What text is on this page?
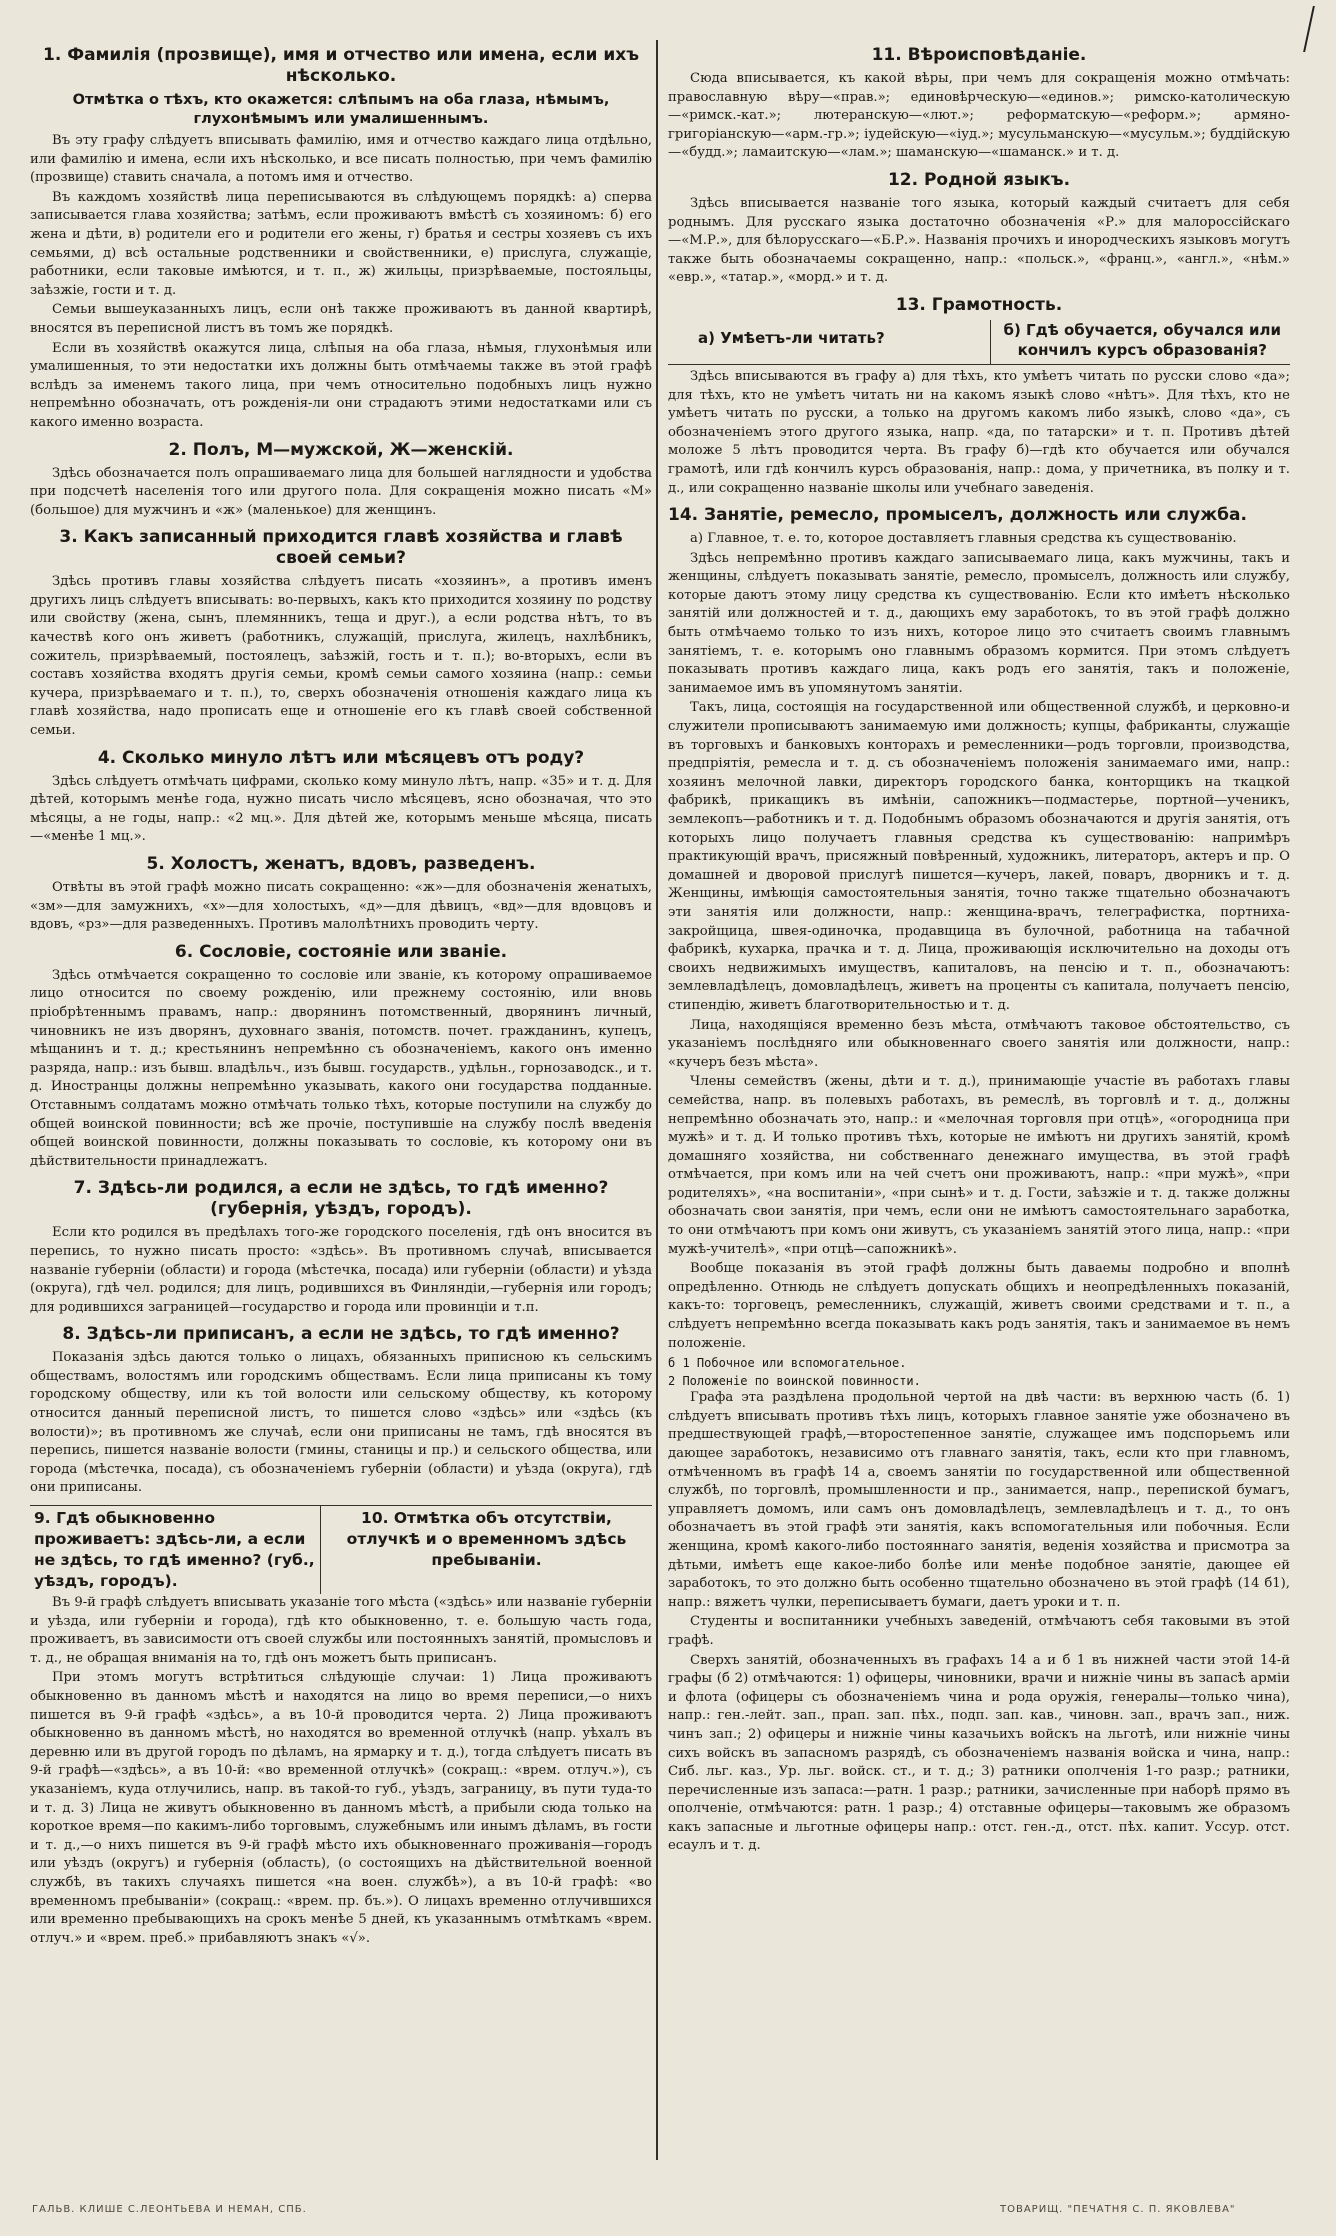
1. Фамилія (прозвище), имя и отчество или имена, если ихъ нѣсколько.
Отмѣтка о тѣхъ, кто окажется: слѣпымъ на оба глаза, нѣмымъ, глухонѣмымъ или умалишеннымъ.

Въ эту графу слѣдуетъ вписывать фамилію, имя и отчество каждаго лица отдѣльно, или фамилію и имена, если ихъ нѣсколько, и все писать полностью, при чемъ фамилію (прозвище) ставить сначала, а потомъ имя и отчество.

Въ каждомъ хозяйствѣ лица переписываются въ слѣдующемъ порядкѣ: а) сперва записывается глава хозяйства; затѣмъ, если проживаютъ вмѣстѣ съ хозяиномъ: б) его жена и дѣти, в) родители его и родители его жены, г) братья и сестры хозяевъ съ ихъ семьями, д) всѣ остальные родственники и свойственники, е) прислуга, служащіе, работники, если таковые имѣются, и т. п., ж) жильцы, призрѣваемые, постояльцы, заѣзжіе, гости и т. д.

Семьи вышеуказанныхъ лицъ, если онѣ также проживаютъ въ данной квартирѣ, вносятся въ переписной листъ въ томъ же порядкѣ.

Если въ хозяйствѣ окажутся лица, слѣпыя на оба глаза, нѣмыя, глухонѣмыя или умалишенныя, то эти недостатки ихъ должны быть отмѣчаемы также въ этой графѣ вслѣдъ за именемъ такого лица, при чемъ относительно подобныхъ лицъ нужно непремѣнно обозначать, отъ рожденія-ли они страдаютъ этими недостатками или съ какого именно возраста.

2. Полъ, М—мужской, Ж—женскій.

Здѣсь обозначается полъ опрашиваемаго лица для большей наглядности и удобства при подсчетѣ населенія того или другого пола. Для сокращенія можно писать «М» (большое) для мужчинъ и «ж» (маленькое) для женщинъ.

3. Какъ записанный приходится главѣ хозяйства и главѣ своей семьи?

Здѣсь противъ главы хозяйства слѣдуетъ писать «хозяинъ», а противъ именъ другихъ лицъ слѣдуетъ вписывать: во-первыхъ, какъ кто приходится хозяину по родству или свойству (жена, сынъ, племянникъ, теща и друг.), а если родства нѣтъ, то въ качествѣ кого онъ живетъ (работникъ, служащій, прислуга, жилецъ, нахлѣбникъ, сожитель, призрѣваемый, постоялецъ, заѣзжій, гость и т. п.); во-вторыхъ, если въ составъ хозяйства входятъ другія семьи, кромѣ семьи самого хозяина (напр.: семьи кучера, призрѣваемаго и т. п.), то, сверхъ обозначенія отношенія каждаго лица къ главѣ хозяйства, надо прописать еще и отношеніе его къ главѣ своей собственной семьи.

4. Сколько минуло лѣтъ или мѣсяцевъ отъ роду?

Здѣсь слѣдуетъ отмѣчать цифрами, сколько кому минуло лѣтъ, напр. «35» и т. д. Для дѣтей, которымъ менѣе года, нужно писать число мѣсяцевъ, ясно обозначая, что это мѣсяцы, а не годы, напр.: «2 мц.». Для дѣтей же, которымъ меньше мѣсяца, писать—«менѣе 1 мц.».

5. Холостъ, женатъ, вдовъ, разведенъ.

Отвѣты въ этой графѣ можно писать сокращенно: «ж»—для обозначенія женатыхъ, «зм»—для замужнихъ, «х»—для холостыхъ, «д»—для дѣвицъ, «вд»—для вдовцовъ и вдовъ, «рз»—для разведенныхъ. Противъ малолѣтнихъ проводить черту.

6. Сословіе, состояніе или званіе.

Здѣсь отмѣчается сокращенно то сословіе или званіе, къ которому опрашиваемое лицо относится по своему рожденію, или прежнему состоянію, или вновь пріобрѣтеннымъ правамъ, напр.: дворянинъ потомственный, дворянинъ личный, чиновникъ не изъ дворянъ, духовнаго званія, потомств. почет. гражданинъ, купецъ, мѣщанинъ и т. д.; крестьянинъ непремѣнно съ обозначеніемъ, какого онъ именно разряда, напр.: изъ бывш. владѣльч., изъ бывш. государств., удѣльн., горнозаводск., и т. д. Иностранцы должны непремѣнно указывать, какого они государства подданные. Отставнымъ солдатамъ можно отмѣчать только тѣхъ, которые поступили на службу до общей воинской повинности; всѣ же прочіе, поступившіе на службу послѣ введенія общей воинской повинности, должны показывать то сословіе, къ которому они въ дѣйствительности принадлежатъ.

7. Здѣсь-ли родился, а если не здѣсь, то гдѣ именно? (губернія, уѣздъ, городъ).

Если кто родился въ предѣлахъ того-же городского поселенія, гдѣ онъ вносится въ перепись, то нужно писать просто: «здѣсь». Въ противномъ случаѣ, вписывается названіе губерніи (области) и города (мѣстечка, посада) или губерніи (области) и уѣзда (округа), гдѣ чел. родился; для лицъ, родившихся въ Финляндіи,—губернія или городъ; для родившихся заграницей—государство и города или провинціи и т.п.

8. Здѣсь-ли приписанъ, а если не здѣсь, то гдѣ именно?

Показанія здѣсь даются только о лицахъ, обязанныхъ приписною къ сельскимъ обществамъ, волостямъ или городскимъ обществамъ. Если лица приписаны къ тому городскому обществу, или къ той волости или сельскому обществу, къ которому относится данный переписной листъ, то пишется слово «здѣсь» или «здѣсь (къ волости)»; въ противномъ же случаѣ, если они приписаны не тамъ, гдѣ вносятся въ перепись, пишется названіе волости (гмины, станицы и пр.) и сельского общества, или города (мѣстечка, посада), съ обозначеніемъ губерніи (области) и уѣзда (округа), гдѣ они приписаны.

9. Гдѣ обыкновенно проживаетъ: здѣсь-ли, а если не здѣсь, то гдѣ именно? (губ., уѣздъ, городъ).
10. Отмѣтка объ отсутствіи, отлучкѣ и о временномъ здѣсь пребываніи.

Въ 9-й графѣ слѣдуетъ вписывать указаніе того мѣста («здѣсь» или названіе губерніи и уѣзда, или губерніи и города), гдѣ кто обыкновенно, т. е. большую часть года, проживаетъ, въ зависимости отъ своей службы или постоянныхъ занятій, промысловъ и т. д., не обращая вниманія на то, гдѣ онъ можетъ быть приписанъ.

При этомъ могутъ встрѣтиться слѣдующіе случаи: 1) Лица проживаютъ обыкновенно въ данномъ мѣстѣ и находятся на лицо во время переписи,—о нихъ пишется въ 9-й графѣ «здѣсь», а въ 10-й проводится черта. 2) Лица проживаютъ обыкновенно въ данномъ мѣстѣ, но находятся во временной отлучкѣ (напр. уѣхалъ въ деревню или въ другой городъ по дѣламъ, на ярмарку и т. д.), тогда слѣдуетъ писать въ 9-й графѣ—«здѣсь», а въ 10-й: «во временной отлучкѣ» (сокращ.: «врем. отлуч.»), съ указаніемъ, куда отлучились, напр. въ такой-то губ., уѣздъ, заграницу, въ пути туда-то и т. д. 3) Лица не живутъ обыкновенно въ данномъ мѣстѣ, а прибыли сюда только на короткое время—по какимъ-либо торговымъ, служебнымъ или инымъ дѣламъ, въ гости и т. д.,—о нихъ пишется въ 9-й графѣ мѣсто ихъ обыкновеннаго проживанія—городъ или уѣздъ (округъ) и губернія (область), (о состоящихъ на дѣйствительной военной службѣ, въ такихъ случаяхъ пишется «на воен. службѣ»), а въ 10-й графѣ: «во временномъ пребываніи» (сокращ.: «врем. пр. бъ.»). О лицахъ временно отлучившихся или временно пребывающихъ на срокъ менѣе 5 дней, къ указаннымъ отмѣткамъ «врем. отлуч.» и «врем. преб.» прибавляютъ знакъ «√».

11. Вѣроисповѣданіе.

Сюда вписывается, къ какой вѣры, при чемъ для сокращенія можно отмѣчать: православную вѣру—«прав.»; единовѣрческую—«единов.»; римско-католическую—«римск.-кат.»; лютеранскую—«лют.»; реформатскую—«реформ.»; армяно-григоріанскую—«арм.-гр.»; іудейскую—«іуд.»; мусульманскую—«мусульм.»; буддійскую—«будд.»; ламаитскую—«лам.»; шаманскую—«шаманск.» и т. д.

12. Родной языкъ.

Здѣсь вписывается названіе того языка, который каждый считаетъ для себя роднымъ. Для русскаго языка достаточно обозначенія «Р.» для малороссійскаго—«М.Р.», для бѣлорусскаго—«Б.Р.». Названія прочихъ и инородческихъ языковъ могутъ также быть обозначаемы сокращенно, напр.: «польск.», «франц.», «англ.», «нѣм.» «евр.», «татар.», «морд.» и т. д.

13. Грамотность.
а) Умѣетъ-ли читать?	б) Гдѣ обучается, обучался или кончилъ курсъ образованія?

Здѣсь вписываются въ графу а) для тѣхъ, кто умѣетъ читать по русски слово «да»; для тѣхъ, кто не умѣетъ читать ни на какомъ языкѣ слово «нѣтъ». Для тѣхъ, кто не умѣетъ читать по русски, а только на другомъ какомъ либо языкѣ, слово «да», съ обозначеніемъ этого другого языка, напр. «да, по татарски» и т. п. Противъ дѣтей моложе 5 лѣтъ проводится черта. Въ графу б)—гдѣ кто обучается или обучался грамотѣ, или гдѣ кончилъ курсъ образованія, напр.: дома, у причетника, въ полку и т. д., или сокращенно названіе школы или учебнаго заведенія.

14. Занятіе, ремесло, промыселъ, должность или служба.

а) Главное, т. е. то, которое доставляетъ главныя средства къ существованію.

Здѣсь непремѣнно противъ каждаго записываемаго лица, какъ мужчины, такъ и женщины, слѣдуетъ показывать занятіе, ремесло, промыселъ, должность или службу, которые даютъ этому лицу средства къ существованію. Если кто имѣетъ нѣсколько занятій или должностей и т. д., дающихъ ему заработокъ, то въ этой графѣ должно быть отмѣчаемо только то изъ нихъ, которое лицо это считаетъ своимъ главнымъ занятіемъ, т. е. которымъ оно главнымъ образомъ кормится. При этомъ слѣдуетъ показывать противъ каждаго лица, какъ родъ его занятія, такъ и положеніе, занимаемое имъ въ упомянутомъ занятіи.

Такъ, лица, состоящія на государственной или общественной службѣ, и церковно-и служители прописываютъ занимаемую ими должность; купцы, фабриканты, служащіе въ торговыхъ и банковыхъ конторахъ и ремесленники—родъ торговли, производства, предпріятія, ремесла и т. д. съ обозначеніемъ положенія занимаемаго ими, напр.: хозяинъ мелочной лавки, директоръ городского банка, конторщикъ на ткацкой фабрикѣ, прикащикъ въ имѣніи, сапожникъ—подмастерье, портной—ученикъ, землекопъ—работникъ и т. д. Подобнымъ образомъ обозначаются и другія занятія, отъ которыхъ лицо получаетъ главныя средства къ существованію: напримѣръ практикующій врачъ, присяжный повѣренный, художникъ, литераторъ, актеръ и пр. О домашней и дворовой прислугѣ пишется—кучеръ, лакей, поваръ, дворникъ и т. д. Женщины, имѣющія самостоятельныя занятія, точно также тщательно обозначаютъ эти занятія или должности, напр.: женщина-врачъ, телеграфистка, портниха-закройщица, швея-одиночка, продавщица въ булочной, работница на табачной фабрикѣ, кухарка, прачка и т. д. Лица, проживающія исключительно на доходы отъ своихъ недвижимыхъ имуществъ, капиталовъ, на пенсію и т. п., обозначаютъ: землевладѣлецъ, домовладѣлецъ, живетъ на проценты съ капитала, получаетъ пенсію, стипендію, живетъ благотворительностью и т. д.

Лица, находящіяся временно безъ мѣста, отмѣчаютъ таковое обстоятельство, съ указаніемъ послѣдняго или обыкновеннаго своего занятія или должности, напр.: «кучеръ безъ мѣста».

Члены семействъ (жены, дѣти и т. д.), принимающіе участіе въ работахъ главы семейства, напр. въ полевыхъ работахъ, въ ремеслѣ, въ торговлѣ и т. д., должны непремѣнно обозначать это, напр.: и «мелочная торговля при отцѣ», «огородница при мужѣ» и т. д. И только противъ тѣхъ, которые не имѣютъ ни другихъ занятій, кромѣ домашняго хозяйства, ни собственнаго денежнаго имущества, въ этой графѣ отмѣчается, при комъ или на чей счетъ они проживаютъ, напр.: «при мужѣ», «при родителяхъ», «на воспитаніи», «при сынѣ» и т. д. Гости, заѣзжіе и т. д. также должны обозначать свои занятія, при чемъ, если они не имѣютъ самостоятельнаго заработка, то они отмѣчаютъ при комъ они живутъ, съ указаніемъ занятій этого лица, напр.: «при мужѣ-учителѣ», «при отцѣ—сапожникѣ».

Вообще показанія въ этой графѣ должны быть даваемы подробно и вполнѣ опредѣленно. Отнюдь не слѣдуетъ допускать общихъ и неопредѣленныхъ показаній, какъ-то: торговецъ, ремесленникъ, служащій, живетъ своими средствами и т. п., а слѣдуетъ непремѣнно всегда показывать какъ родъ занятія, такъ и занимаемое въ немъ положеніе.

б 1 Побочное или вспомогательное.
2 Положеніе по воинской повинности.

Графа эта раздѣлена продольной чертой на двѣ части: въ верхнюю часть (б. 1) слѣдуетъ вписывать противъ тѣхъ лицъ, которыхъ главное занятіе уже обозначено въ предшествующей графѣ,—второстепенное занятіе, служащее имъ подспорьемъ или дающее заработокъ, независимо отъ главнаго занятія, такъ, если кто при главномъ, отмѣченномъ въ графѣ 14 а, своемъ занятіи по государственной или общественной службѣ, по торговлѣ, промышленности и пр., занимается, напр., перепиской бумагъ, управляетъ домомъ, или самъ онъ домовладѣлецъ, землевладѣлецъ и т. д., то онъ обозначаетъ въ этой графѣ эти занятія, какъ вспомогательныя или побочныя. Если женщина, кромѣ какого-либо постояннаго занятія, веденія хозяйства и присмотра за дѣтьми, имѣетъ еще какое-либо болѣе или менѣе подобное занятіе, дающее ей заработокъ, то это должно быть особенно тщательно обозначено въ этой графѣ (14 б1), напр.: вяжетъ чулки, переписываетъ бумаги, даетъ уроки и т. п.

Студенты и воспитанники учебныхъ заведеній, отмѣчаютъ себя таковыми въ этой графѣ.

Сверхъ занятій, обозначенныхъ въ графахъ 14 а и б 1 въ нижней части этой 14-й графы (б 2) отмѣчаются: 1) офицеры, чиновники, врачи и нижніе чины въ запасѣ арміи и флота (офицеры съ обозначеніемъ чина и рода оружія, генералы—только чина), напр.: ген.-лейт. зап., прап. зап. пѣх., подп. зап. кав., чиновн. зап., врачъ зап., ниж. чинъ зап.; 2) офицеры и нижніе чины казачьихъ войскъ на льготѣ, или нижніе чины сихъ войскъ въ запасномъ разрядѣ, съ обозначеніемъ названія войска и чина, напр.: Сиб. льг. каз., Ур. льг. войск. ст., и т. д.; 3) ратники ополченія 1-го разр.; ратники, перечисленные изъ запаса:—ратн. 1 разр.; ратники, зачисленные при наборѣ прямо въ ополченіе, отмѣчаются: ратн. 1 разр.; 4) отставные офицеры—таковымъ же образомъ какъ запасные и льготные офицеры напр.: отст. ген.-д., отст. пѣх. капит. Уссур. отст. есаулъ и т. д.

ГАЛЬВ. КЛИШЕ С.ЛЕОНТЬЕВА И НЕМАН, СПБ.	ТОВАРИЩ. "ПЕЧАТНЯ С. П. ЯКОВЛЕВА"
